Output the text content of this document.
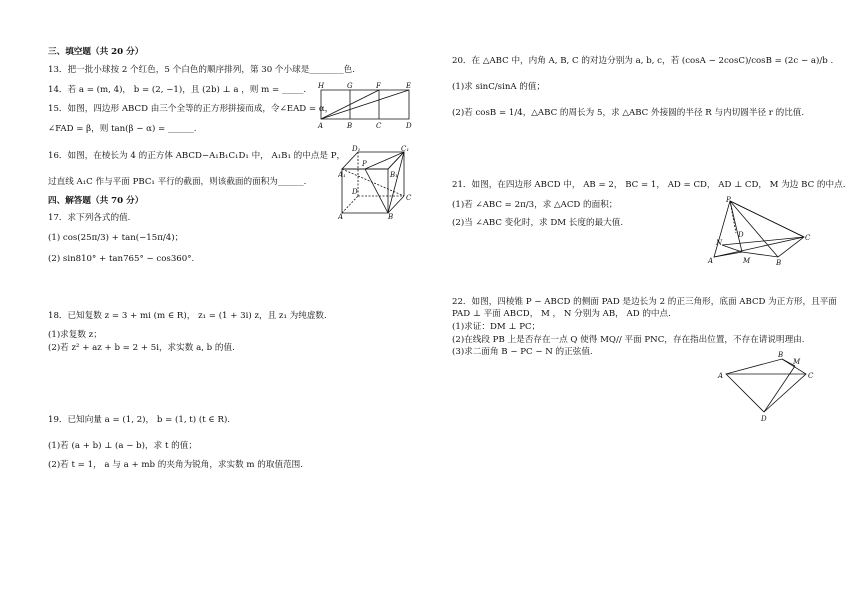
三、填空题（共 20 分）
13．把一批小球按 2 个红色，5 个白色的顺序排列，第 30 个小球是________色.
14．若 a = (m, 4)， b = (2, −1)，且 (2b) ⊥ a ，则 m = _____.
15．如图，四边形 ABCD 由三个全等的正方形拼接而成，令∠EAD = α，
∠FAD = β，则 tan(β − α) = ______.
16．如图，在棱长为 4 的正方体 ABCD−A₁B₁C₁D₁ 中， A₁B₁ 的中点是 P，
过直线 A₁C 作与平面 PBC₁ 平行的截面，则该截面的面积为______.
四、解答题（共 70 分）
17．求下列各式的值.
(1) cos(25π/3) + tan(−15π/4)；
(2) sin810° + tan765° − cos360°.
18．已知复数 z = 3 + mi (m ∈ R)， z₁ = (1 + 3i) z，且 z₁ 为纯虚数.
(1)求复数 z；
(2)若 z² + az + b = 2 + 5i，求实数 a, b 的值.
19．已知向量 a = (1, 2)， b = (1, t) (t ∈ R).
(1)若 (a + b) ⊥ (a − b)，求 t 的值；
(2)若 t = 1， a 与 a + mb 的夹角为锐角，求实数 m 的取值范围.
H	G	F	E
A	B	C	D
D₁	C₁
P
A₁	B₁
D
C
A	B
20．在 △ABC 中，内角 A, B, C 的对边分别为 a, b, c，若 (cosA − 2cosC)/cosB = (2c − a)/b .
(1)求 sinC/sinA 的值；
(2)若 cosB = 1/4，△ABC 的周长为 5，求 △ABC 外接圆的半径 R 与内切圆半径 r 的比值.
21．如图，在四边形 ABCD 中， AB = 2， BC = 1， AD = CD， AD ⊥ CD， M 为边 BC 的中点.
(1)若 ∠ABC = 2π/3，求 △ACD 的面积；
(2)当 ∠ABC 变化时，求 DM 长度的最大值.
P
D
N
A	M	B
C
22．如图，四棱锥 P − ABCD 的侧面 PAD 是边长为 2 的正三角形，底面 ABCD 为正方形，且平面
PAD ⊥ 平面 ABCD， M ， N 分别为 AB， AD 的中点.
(1)求证：DM ⊥ PC；
(2)在线段 PB 上是否存在一点 Q 使得 MQ// 平面 PNC，存在指出位置，不存在请说明理由.
(3)求二面角 B − PC − N 的正弦值.	B
M
A	C
D
